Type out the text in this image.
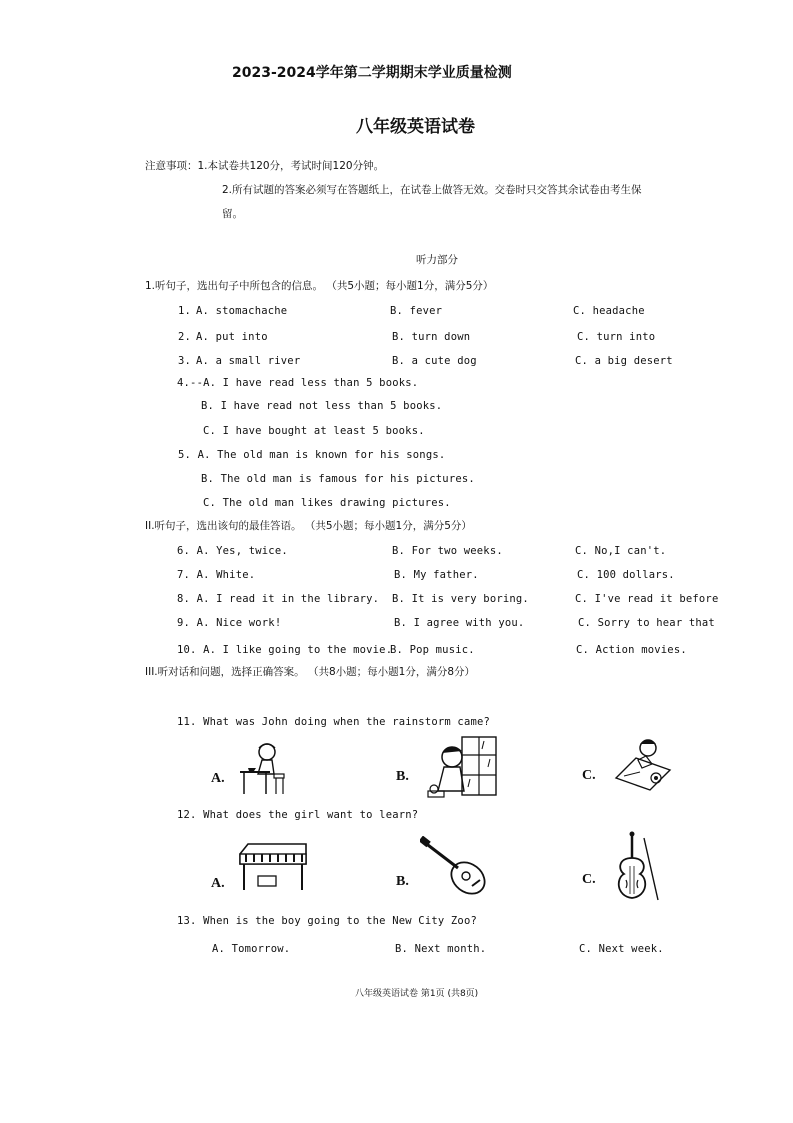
2023-2024学年第二学期期末学业质量检测
八年级英语试卷
注意事项：1.本试卷共120分，考试时间120分钟。
2.所有试题的答案必须写在答题纸上，在试卷上做答无效。交卷时只交答其余试卷由考生保
留。
听力部分
1.听句子，选出句子中所包含的信息。 （共5小题；每小题1分，满分5分）
1. A. stomachache	B. fever	C. headache
2. A. put into	B. turn down	C. turn into
3. A. a small river	B. a cute dog	C. a big desert
4.--A. I have read less than 5 books.
B. I have read not less than 5 books.
C. I have bought at least 5 books.
5. A. The old man is known for his songs.
B. The old man is famous for his pictures.
C. The old man likes drawing pictures.
II.听句子，选出该句的最佳答语。 （共5小题；每小题1分，满分5分）
6. A. Yes, twice.	B. For two weeks.	C. No,I can't.
7. A. White.	B. My father.	C. 100 dollars.
8. A. I read it in the library. B. It is very boring.	C. I've read it before
9. A. Nice work!	B. I agree with you.	C. Sorry to hear that
10. A. I like going to the movie.
B. Pop music.	C. Action movies.
III.听对话和问题，选择正确答案。 （共8小题；每小题1分，满分8分）
11. What was John doing when the rainstorm came?
A.	B.	C.
12. What does the girl want to learn?
A.	B.	C.
13. When is the boy going to the New City Zoo?
A. Tomorrow.	B. Next month.	C. Next week.
八年级英语试卷 第1页 (共8页)
